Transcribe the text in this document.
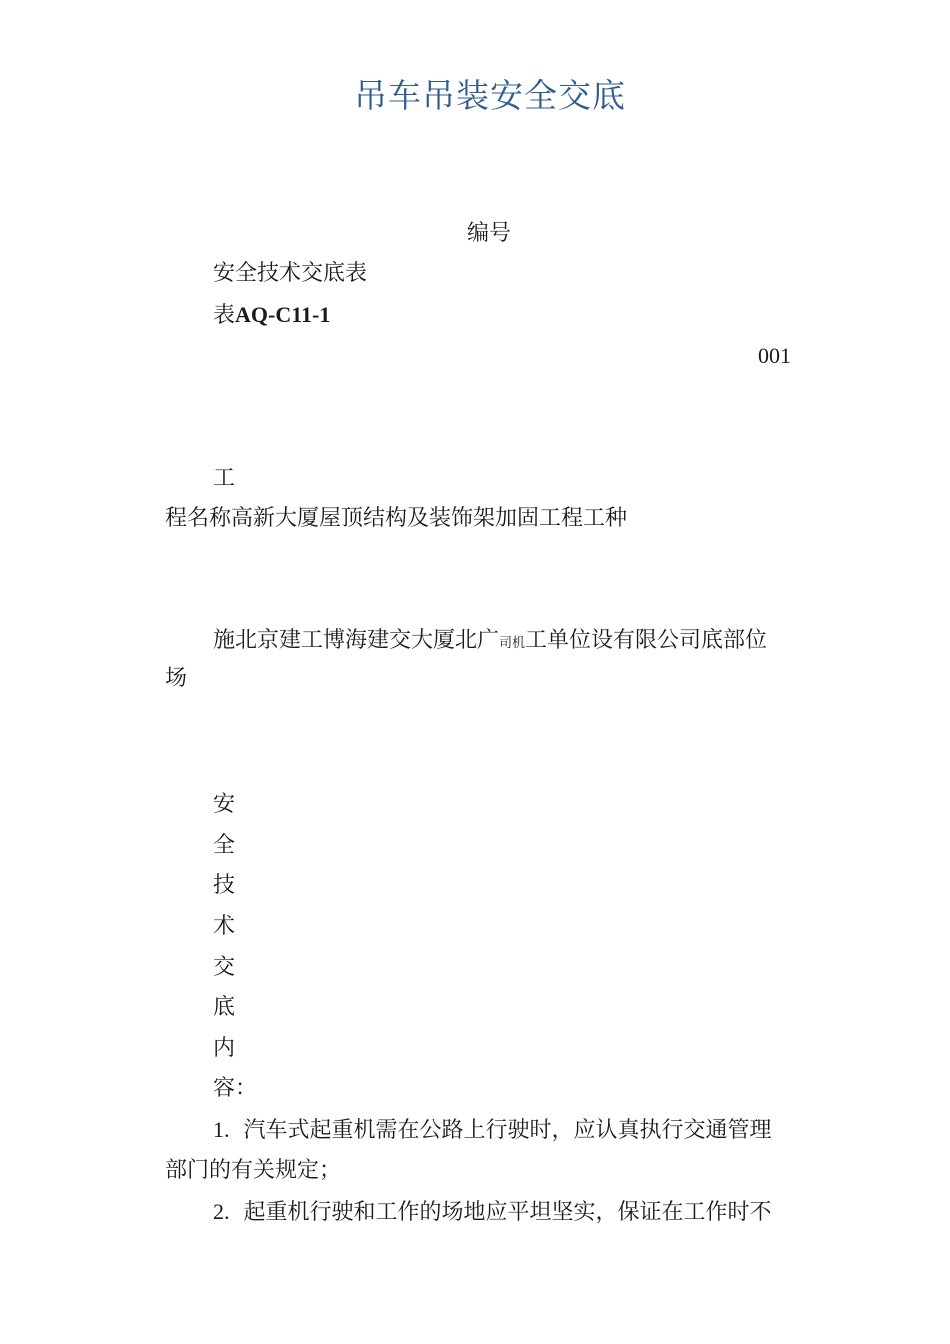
吊车吊装安全交底
编号
安全技术交底表
表AQ-C11-1
001
工
程名称高新大厦屋顶结构及装饰架加固工程工种
施北京建工博海建交大厦北广司机工单位设有限公司底部位
场
安
全
技
术
交
底
内
容：
1. 汽车式起重机需在公路上行驶时，应认真执行交通管理
部门的有关规定；
2. 起重机行驶和工作的场地应平坦坚实，保证在工作时不
